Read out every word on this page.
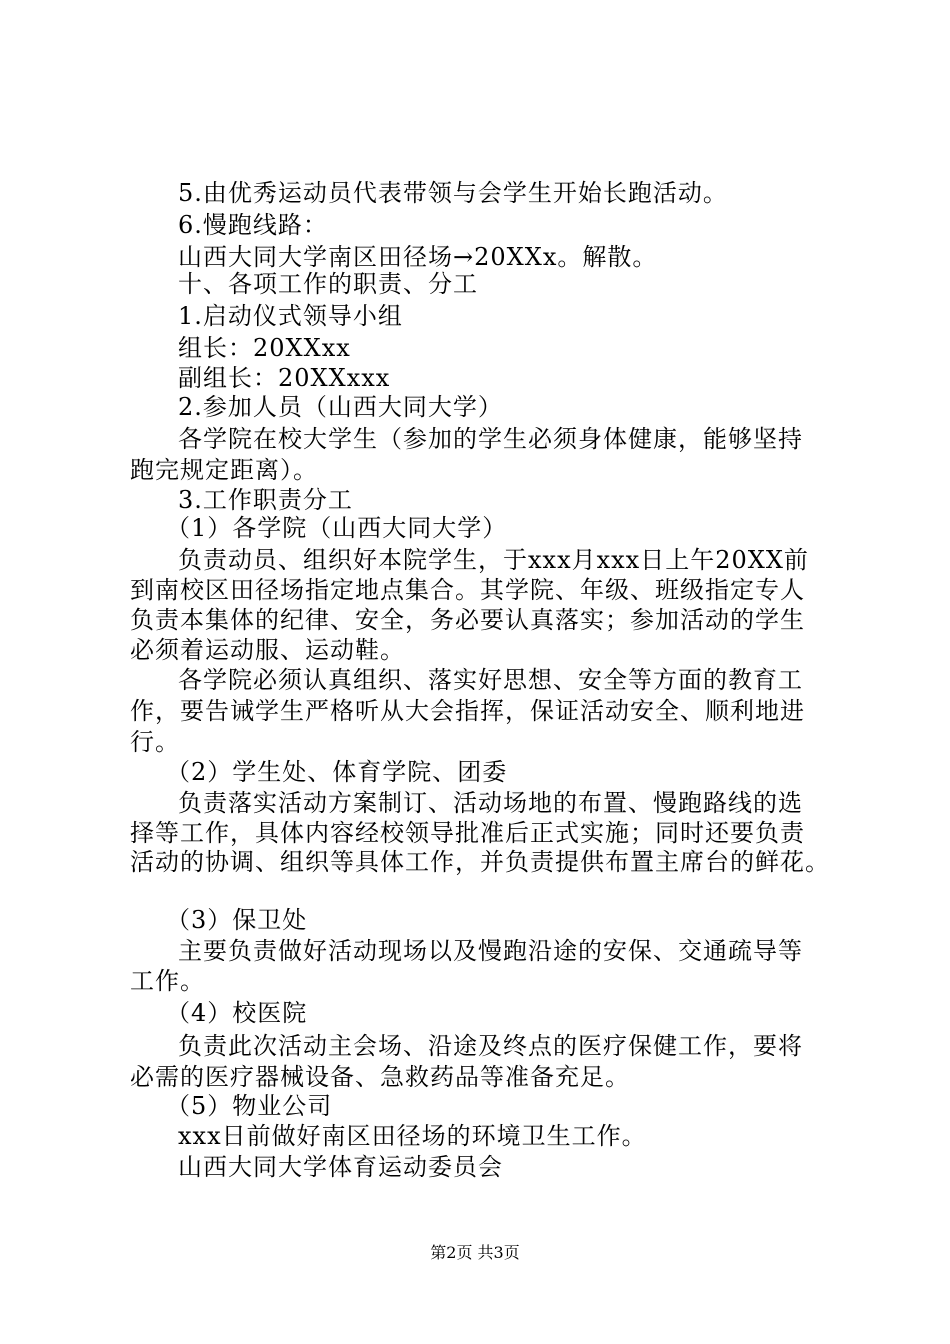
5.由优秀运动员代表带领与会学生开始长跑活动。
6.慢跑线路：
山西大同大学南区田径场→20XXx。解散。
十、各项工作的职责、分工
1.启动仪式领导小组
组长：20XXxx
副组长：20XXxxx
2.参加人员（山西大同大学）
各学院在校大学生（参加的学生必须身体健康，能够坚持
跑完规定距离）。
3.工作职责分工
（1）各学院（山西大同大学）
负责动员、组织好本院学生，于xxx月xxx日上午20XX前
到南校区田径场指定地点集合。其学院、年级、班级指定专人
负责本集体的纪律、安全，务必要认真落实；参加活动的学生
必须着运动服、运动鞋。
各学院必须认真组织、落实好思想、安全等方面的教育工
作，要告诫学生严格听从大会指挥，保证活动安全、顺利地进
行。
（2）学生处、体育学院、团委
负责落实活动方案制订、活动场地的布置、慢跑路线的选
择等工作，具体内容经校领导批准后正式实施；同时还要负责
活动的协调、组织等具体工作，并负责提供布置主席台的鲜花。
（3）保卫处
主要负责做好活动现场以及慢跑沿途的安保、交通疏导等
工作。
（4）校医院
负责此次活动主会场、沿途及终点的医疗保健工作，要将
必需的医疗器械设备、急救药品等准备充足。
（5）物业公司
xxx日前做好南区田径场的环境卫生工作。
山西大同大学体育运动委员会
第2页 共3页
